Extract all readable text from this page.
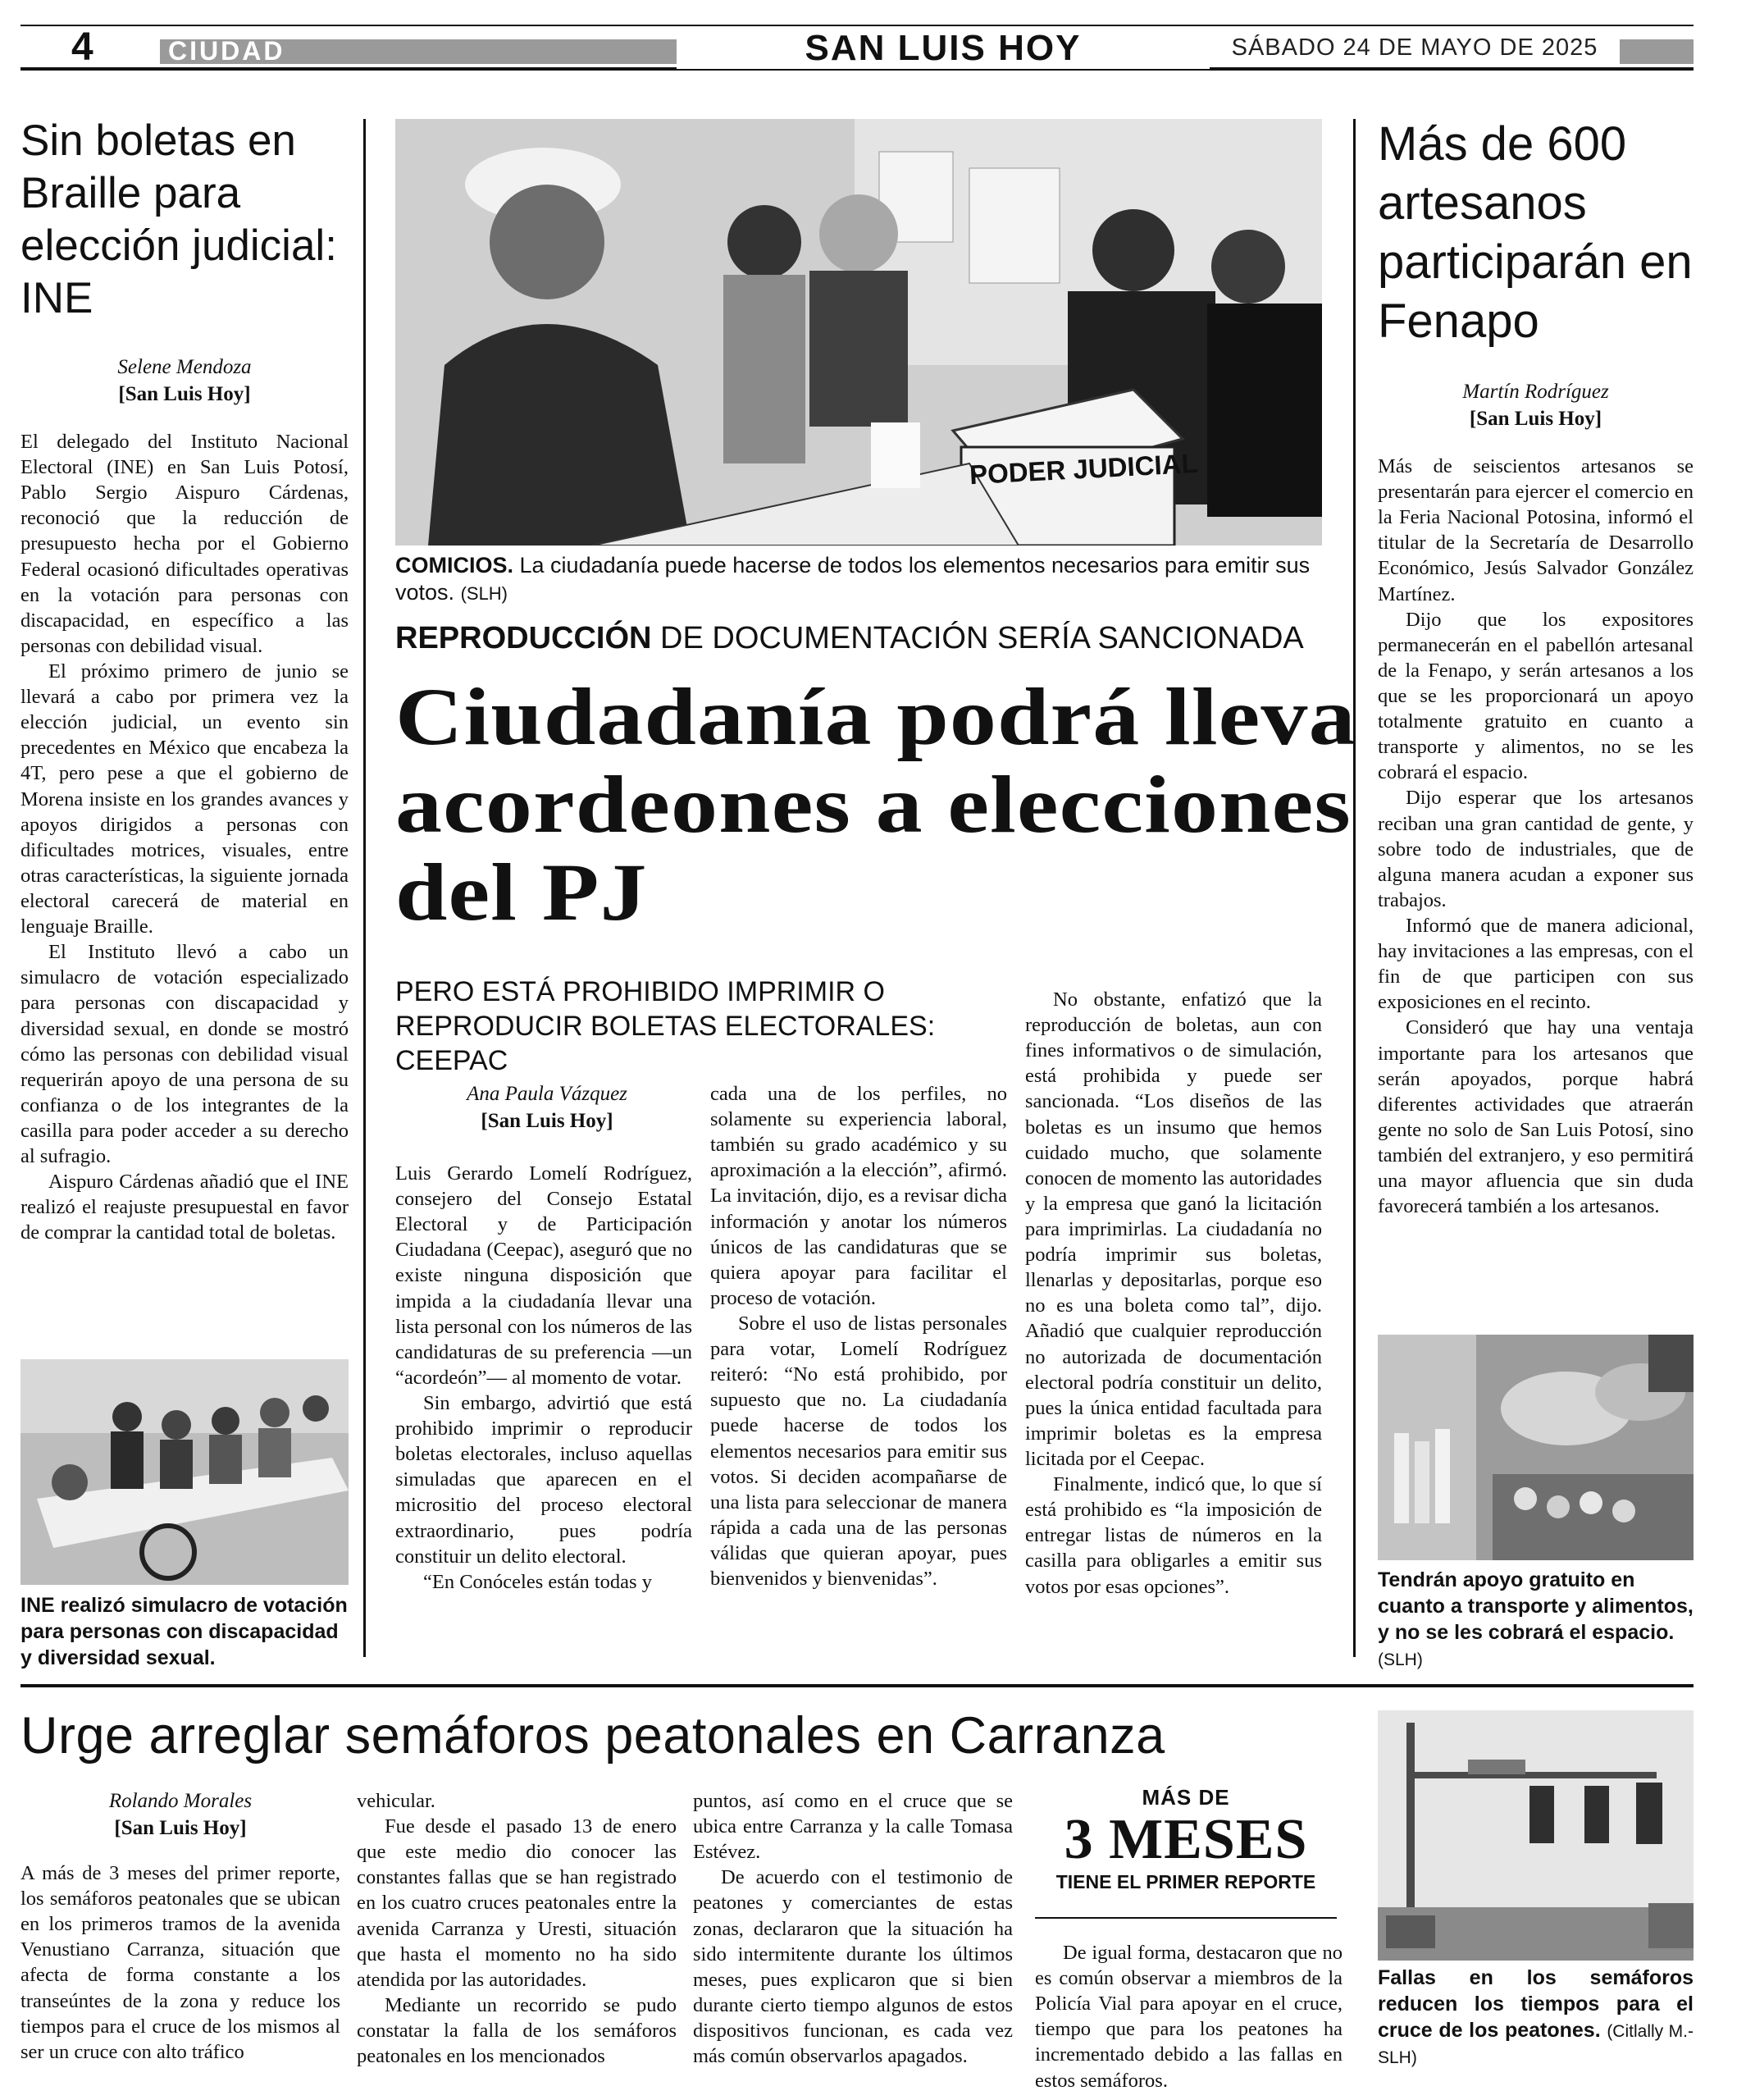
4	CIUDAD	SAN LUIS HOY	SÁBADO 24 DE MAYO DE 2025
Sin boletas en Braille para elección judicial: INE
Selene Mendoza
[San Luis Hoy]

El delegado del Instituto Nacional Electoral (INE) en San Luis Potosí, Pablo Sergio Aispuro Cárdenas, reconoció que la reducción de presupuesto hecha por el Gobierno Federal ocasionó dificultades operativas en la votación para personas con discapacidad, en específico a las personas con debilidad visual.

El próximo primero de junio se llevará a cabo por primera vez la elección judicial, un evento sin precedentes en México que encabeza la 4T, pero pese a que el gobierno de Morena insiste en los grandes avances y apoyos dirigidos a personas con dificultades motrices, visuales, entre otras características, la siguiente jornada electoral carecerá de material en lenguaje Braille.

El Instituto llevó a cabo un simulacro de votación especializado para personas con discapacidad y diversidad sexual, en donde se mostró cómo las personas con debilidad visual requerirán apoyo de una persona de su confianza o de los integrantes de la casilla para poder acceder a su derecho al sufragio.

Aispuro Cárdenas añadió que el INE realizó el reajuste presupuestal en favor de comprar la cantidad total de boletas.

INE realizó simulacro de votación para personas con discapacidad y diversidad sexual.
PODER JUDICIAL
COMICIOS. La ciudadanía puede hacerse de todos los elementos necesarios para emitir sus votos. (SLH)
REPRODUCCIÓN DE DOCUMENTACIÓN SERÍA SANCIONADA
Ciudadanía podrá lleva acordeones a elecciones del PJ
PERO ESTÁ PROHIBIDO IMPRIMIR O REPRODUCIR BOLETAS ELECTORALES: CEEPAC
Ana Paula Vázquez
[San Luis Hoy]

Luis Gerardo Lomelí Rodríguez, consejero del Consejo Estatal Electoral y de Participación Ciudadana (Ceepac), aseguró que no existe ninguna disposición que impida a la ciudadanía llevar una lista personal con los números de las candidaturas de su preferencia —un “acordeón”— al momento de votar.

Sin embargo, advirtió que está prohibido imprimir o reproducir boletas electorales, incluso aquellas simuladas que aparecen en el micrositio del proceso electoral extraordinario, pues podría constituir un delito electoral.

“En Conóceles están todas y

cada una de los perfiles, no solamente su experiencia laboral, también su grado académico y su aproximación a la elección”, afirmó. La invitación, dijo, es a revisar dicha información y anotar los números únicos de las candidaturas que se quiera apoyar para facilitar el proceso de votación.

Sobre el uso de listas personales para votar, Lomelí Rodríguez reiteró: “No está prohibido, por supuesto que no. La ciudadanía puede hacerse de todos los elementos necesarios para emitir sus votos. Si deciden acompañarse de una lista para seleccionar de manera rápida a cada una de las personas válidas que quieran apoyar, pues bienvenidos y bienvenidas”.

No obstante, enfatizó que la reproducción de boletas, aun con fines informativos o de simulación, está prohibida y puede ser sancionada. “Los diseños de las boletas es un insumo que hemos cuidado mucho, que solamente conocen de momento las autoridades y la empresa que ganó la licitación para imprimirlas. La ciudadanía no podría imprimir sus boletas, llenarlas y depositarlas, porque eso no es una boleta como tal”, dijo. Añadió que cualquier reproducción no autorizada de documentación electoral podría constituir un delito, pues la única entidad facultada para imprimir boletas es la empresa licitada por el Ceepac.

Finalmente, indicó que, lo que sí está prohibido es “la imposición de entregar listas de números en la casilla para obligarles a emitir sus votos por esas opciones”.

Más de 600 artesanos participarán en Fenapo
Martín Rodríguez
[San Luis Hoy]

Más de seiscientos artesanos se presentarán para ejercer el comercio en la Feria Nacional Potosina, informó el titular de la Secretaría de Desarrollo Económico, Jesús Salvador González Martínez.

Dijo que los expositores permanecerán en el pabellón artesanal de la Fenapo, y serán artesanos a los que se les proporcionará un apoyo totalmente gratuito en cuanto a transporte y alimentos, no se les cobrará el espacio.

Dijo esperar que los artesanos reciban una gran cantidad de gente, y sobre todo de industriales, que de alguna manera acudan a exponer sus trabajos.

Informó que de manera adicional, hay invitaciones a las empresas, con el fin de que participen con sus exposiciones en el recinto.

Consideró que hay una ventaja importante para los artesanos que serán apoyados, porque habrá diferentes actividades que atraerán gente no solo de San Luis Potosí, sino también del extranjero, y eso permitirá una mayor afluencia que sin duda favorecerá también a los artesanos.

Tendrán apoyo gratuito en cuanto a transporte y alimentos, y no se les cobrará el espacio. (SLH)
Urge arreglar semáforos peatonales en Carranza
Rolando Morales
[San Luis Hoy]

A más de 3 meses del primer reporte, los semáforos peatonales que se ubican en los primeros tramos de la avenida Venustiano Carranza, situación que afecta de forma constante a los transeúntes de la zona y reduce los tiempos para el cruce de los mismos al ser un cruce con alto tráfico

vehicular.

Fue desde el pasado 13 de enero que este medio dio conocer las constantes fallas que se han registrado en los cuatro cruces peatonales entre la avenida Carranza y Uresti, situación que hasta el momento no ha sido atendida por las autoridades.

Mediante un recorrido se pudo constatar la falla de los semáforos peatonales en los mencionados

puntos, así como en el cruce que se ubica entre Carranza y la calle Tomasa Estévez.

De acuerdo con el testimonio de peatones y comerciantes de estas zonas, declararon que la situación ha sido intermitente durante los últimos meses, pues explicaron que si bien durante cierto tiempo algunos de estos dispositivos funcionan, es cada vez más común observarlos apagados.

MÁS DE
3 MESES
TIENE EL PRIMER REPORTE

De igual forma, destacaron que no es común observar a miembros de la Policía Vial para apoyar en el cruce, tiempo que para los peatones ha incrementado debido a las fallas en estos semáforos.

Fallas en los semáforos reducen los tiempos para el cruce de los peatones. (Citlally M.-SLH)
